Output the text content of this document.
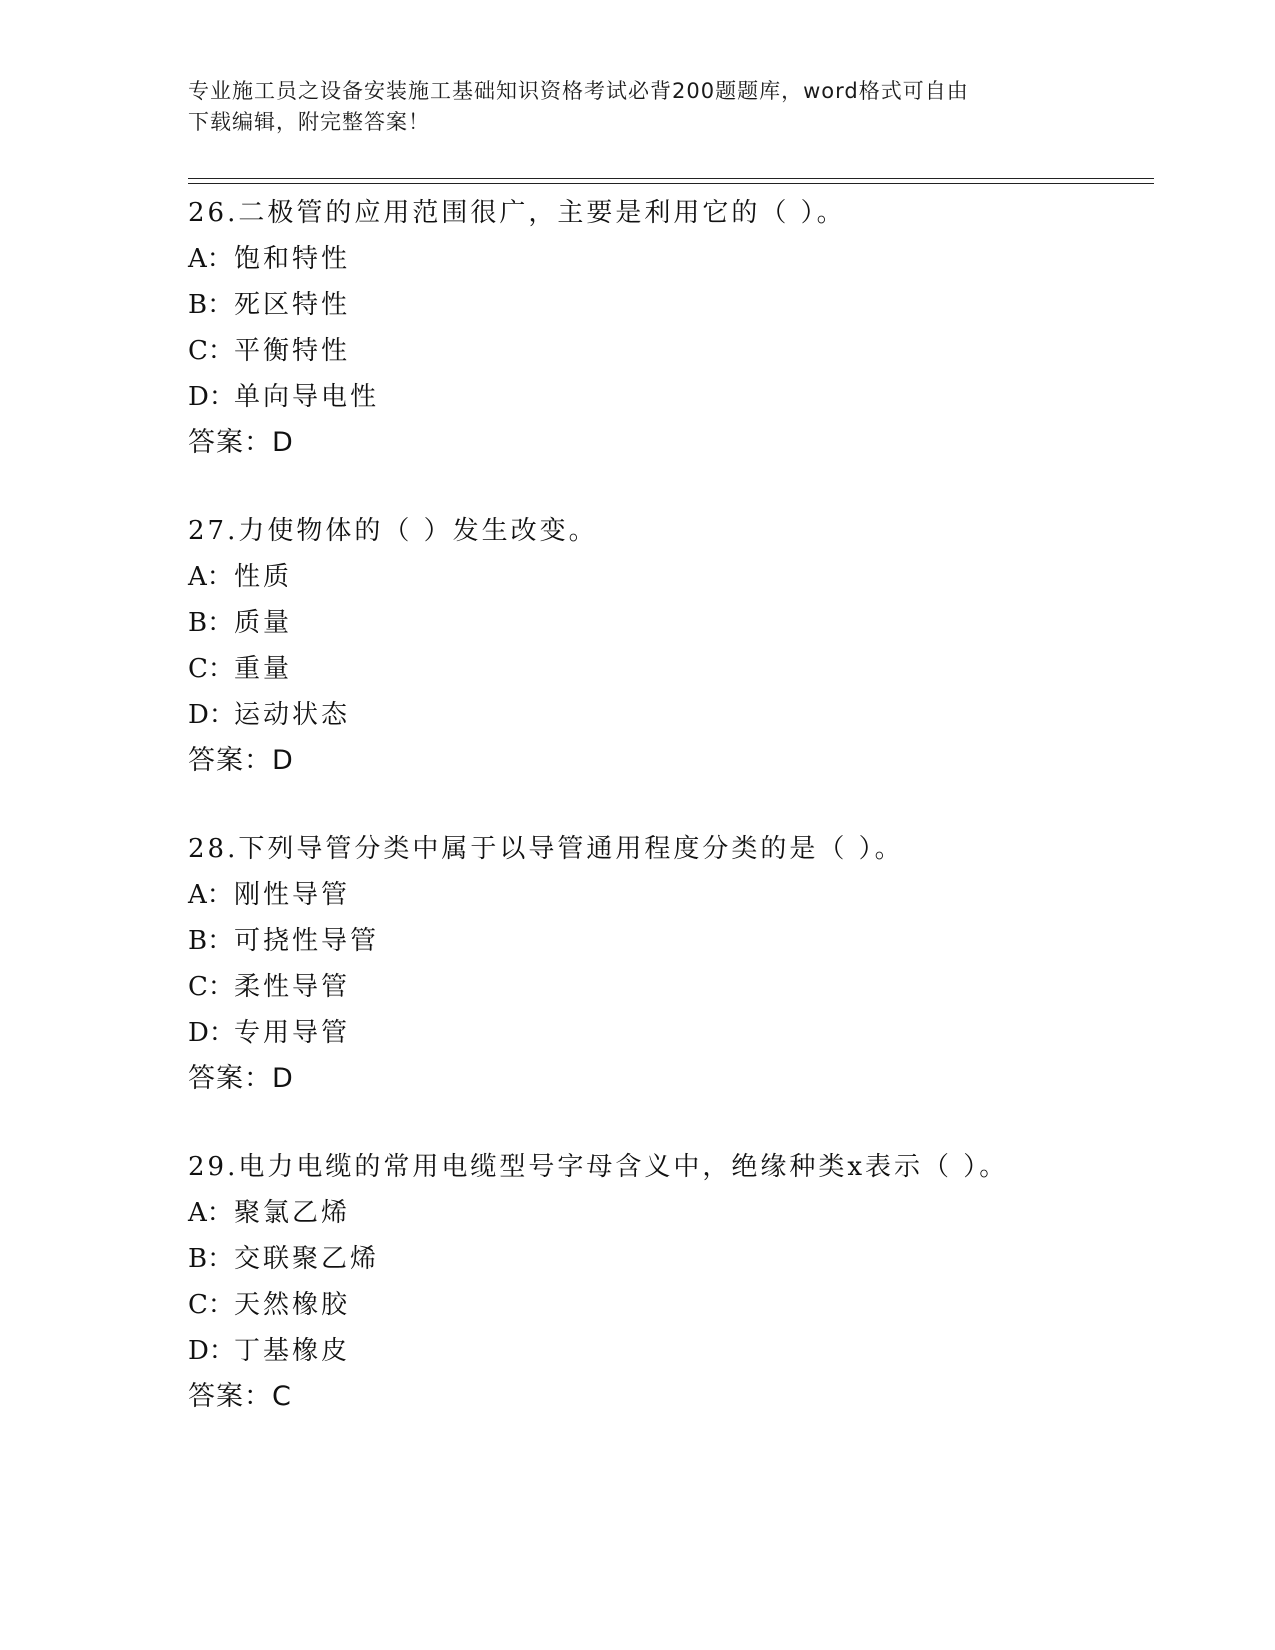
专业施工员之设备安装施工基础知识资格考试必背200题题库，word格式可自由
下载编辑，附完整答案！
26.二极管的应用范围很广，主要是利用它的（ ）。
A：饱和特性
B：死区特性
C：平衡特性
D：单向导电性
答案：D
27.力使物体的（ ）发生改变。
A：性质
B：质量
C：重量
D：运动状态
答案：D
28.下列导管分类中属于以导管通用程度分类的是（ ）。
A：刚性导管
B：可挠性导管
C：柔性导管
D：专用导管
答案：D
29.电力电缆的常用电缆型号字母含义中，绝缘种类x表示（ ）。
A：聚氯乙烯
B：交联聚乙烯
C：天然橡胶
D：丁基橡皮
答案：C
